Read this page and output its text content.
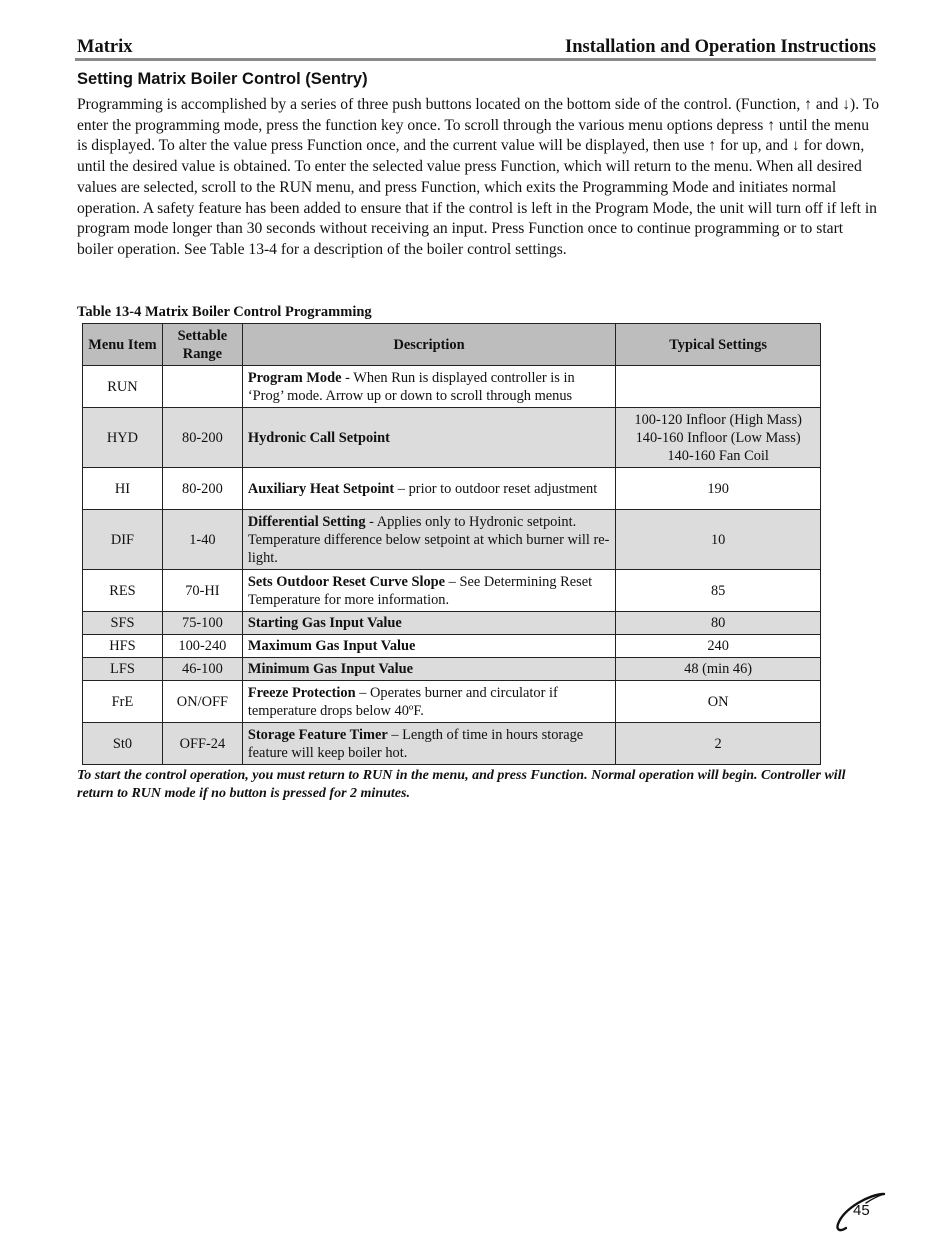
Matrix	Installation and Operation Instructions
Setting Matrix Boiler Control (Sentry)

Programming is accomplished by a series of three push buttons located on the bottom side of the control. (Function, ↑ and ↓). To enter the programming mode, press the function key once. To scroll through the various menu options depress ↑ until the menu is displayed. To alter the value press Function once, and the current value will be displayed, then use ↑ for up, and ↓ for down, until the desired value is obtained. To enter the selected value press Function, which will return to the menu. When all desired values are selected, scroll to the RUN menu, and press Function, which exits the Programming Mode and initiates normal operation. A safety feature has been added to ensure that if the control is left in the Program Mode, the unit will turn off if left in program mode longer than 30 seconds without receiving an input. Press Function once to continue programming or to start boiler operation. See Table 13-4 for a description of the boiler control settings.

Table 13-4 Matrix Boiler Control Programming
Menu Item	Settable Range	Description	Typical Settings
RUN		Program Mode - When Run is displayed controller is in ‘Prog’ mode. Arrow up or down to scroll through menus	
HYD	80-200	Hydronic Call Setpoint	100-120 Infloor (High Mass)
140-160 Infloor (Low Mass)
140-160 Fan Coil

HI	80-200	Auxiliary Heat Setpoint – prior to outdoor reset adjustment	190
DIF	1-40	Differential Setting - Applies only to Hydronic setpoint. Temperature difference below setpoint at which burner will re-light.	10
RES	70-HI	Sets Outdoor Reset Curve Slope – See Determining Reset Temperature for more information.	85
SFS	75-100	Starting Gas Input Value	80
HFS	100-240	Maximum Gas Input Value	240
LFS	46-100	Minimum Gas Input Value	48 (min 46)
FrE	ON/OFF	Freeze Protection – Operates burner and circulator if temperature drops below 40ºF.	ON
St0	OFF-24	Storage Feature Timer – Length of time in hours storage feature will keep boiler hot.	2

To start the control operation, you must return to RUN in the menu, and press Function. Normal operation will begin. Controller will return to RUN mode if no button is pressed for 2 minutes.

45
